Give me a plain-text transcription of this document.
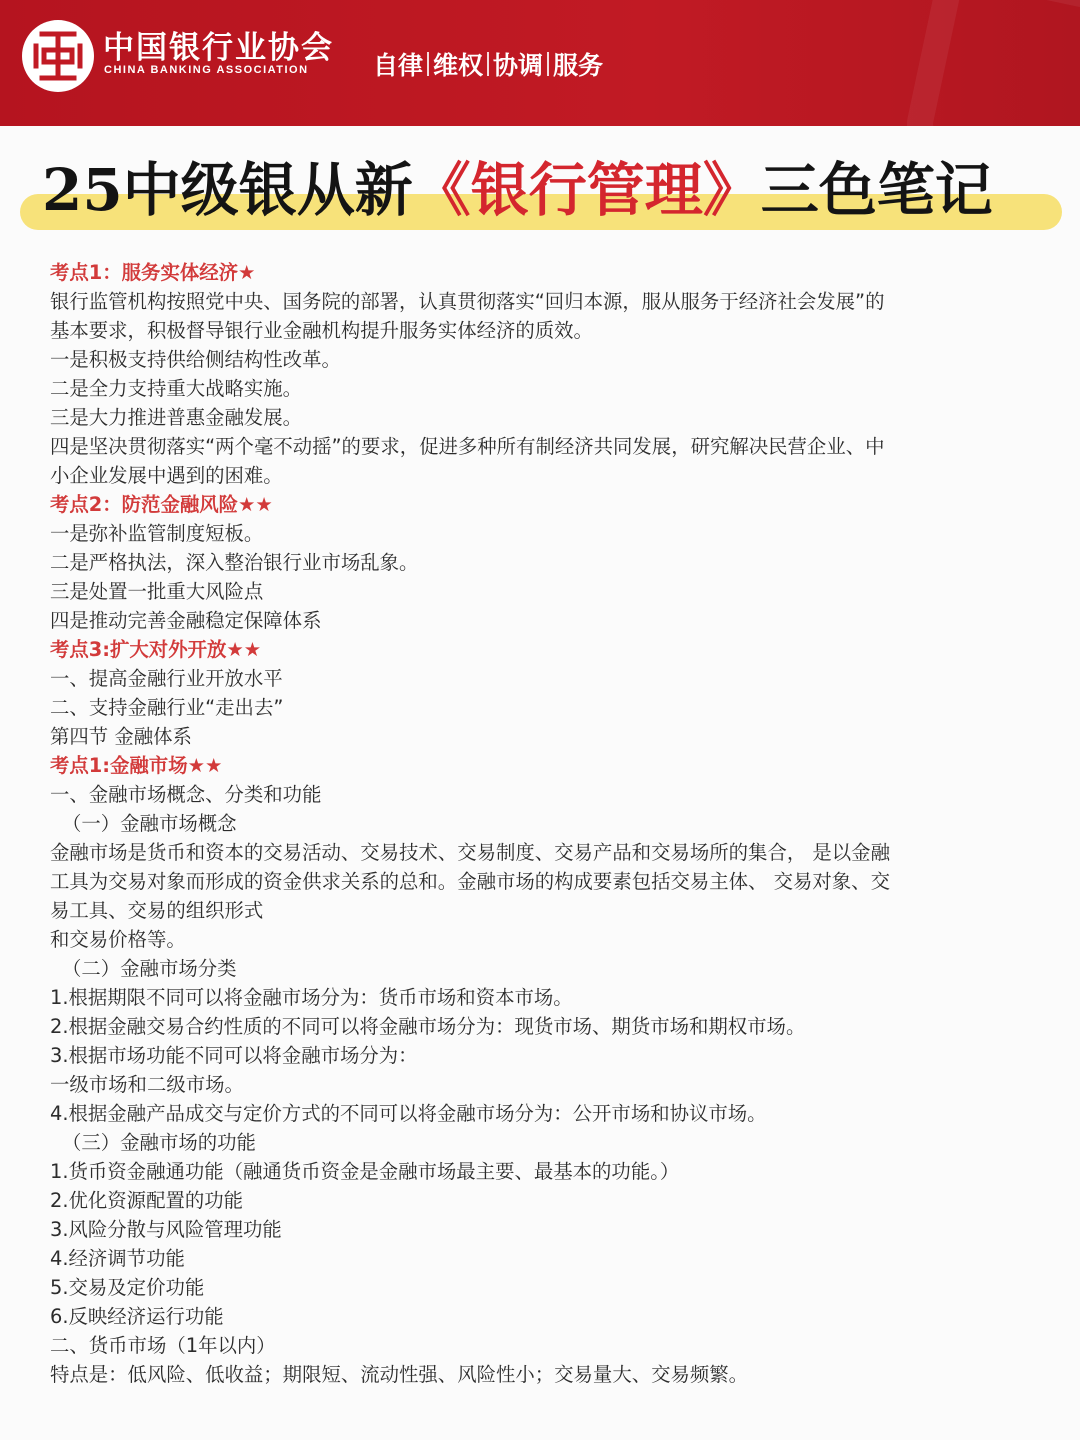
中国银行业协会
CHINA BANKING ASSOCIATION	自律 维权 协调 服务
25中级银从新《银行管理》三色笔记
考点1：服务实体经济★
银行监管机构按照党中央、国务院的部署，认真贯彻落实“回归本源，服从服务于经济社会发展”的
基本要求，积极督导银行业金融机构提升服务实体经济的质效。
一是积极支持供给侧结构性改革。
二是全力支持重大战略实施。
三是大力推进普惠金融发展。
四是坚决贯彻落实“两个毫不动摇”的要求，促进多种所有制经济共同发展，研究解决民营企业、中
小企业发展中遇到的困难。
考点2：防范金融风险★★
一是弥补监管制度短板。
二是严格执法，深入整治银行业市场乱象。
三是处置一批重大风险点
四是推动完善金融稳定保障体系
考点3:扩大对外开放★★
一、提高金融行业开放水平
二、支持金融行业“走出去”
第四节 金融体系
考点1:金融市场★★
一、金融市场概念、分类和功能
（一）金融市场概念
金融市场是货币和资本的交易活动、交易技术、交易制度、交易产品和交易场所的集合， 是以金融
工具为交易对象而形成的资金供求关系的总和。金融市场的构成要素包括交易主体、 交易对象、交
易工具、交易的组织形式
和交易价格等。
（二）金融市场分类
1.根据期限不同可以将金融市场分为：货币市场和资本市场。
2.根据金融交易合约性质的不同可以将金融市场分为：现货市场、期货市场和期权市场。
3.根据市场功能不同可以将金融市场分为：
一级市场和二级市场。
4.根据金融产品成交与定价方式的不同可以将金融市场分为：公开市场和协议市场。
（三）金融市场的功能
1.货币资金融通功能（融通货币资金是金融市场最主要、最基本的功能。）
2.优化资源配置的功能
3.风险分散与风险管理功能
4.经济调节功能
5.交易及定价功能
6.反映经济运行功能
二、货币市场（1年以内）
特点是：低风险、低收益；期限短、流动性强、风险性小；交易量大、交易频繁。
